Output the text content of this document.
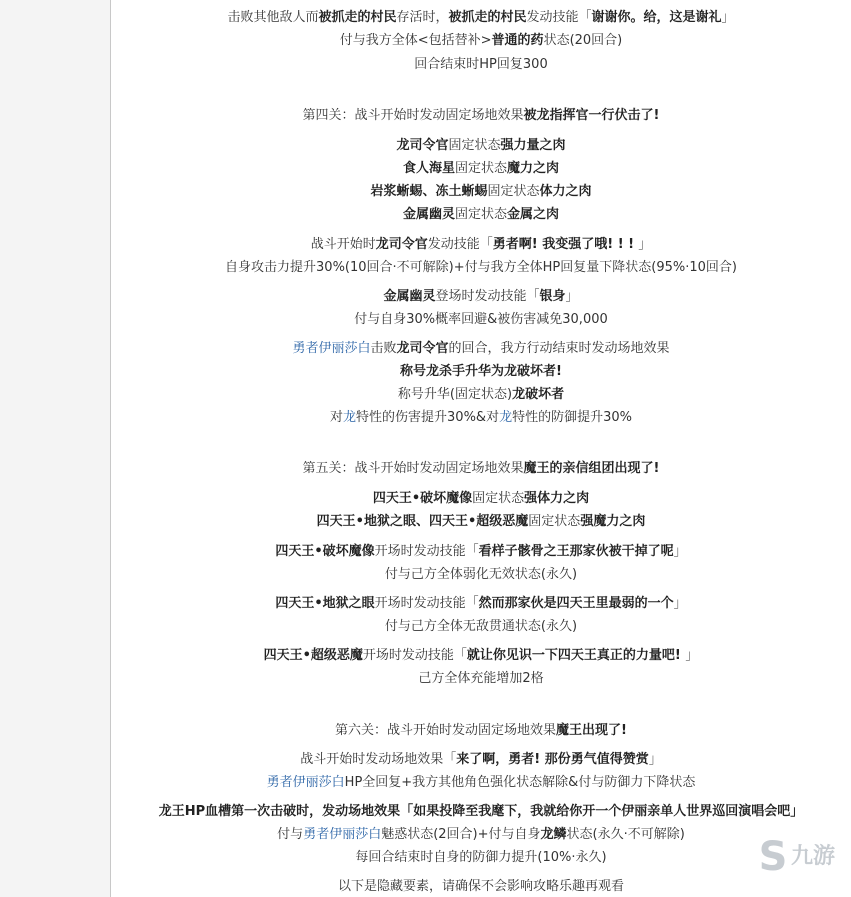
击败其他敌人而被抓走的村民存活时，被抓走的村民发动技能「谢谢你。给，这是谢礼」
付与我方全体<包括替补>普通的药状态(20回合)
回合结束时HP回复300
第四关：战斗开始时发动固定场地效果被龙指挥官一行伏击了!
龙司令官固定状态强力量之肉
食人海星固定状态魔力之肉
岩浆蜥蜴、冻土蜥蜴固定状态体力之肉
金属幽灵固定状态金属之肉
战斗开始时龙司令官发动技能「勇者啊! 我变强了哦! ! ! 」
自身攻击力提升30%(10回合·不可解除)+付与我方全体HP回复量下降状态(95%·10回合)
金属幽灵登场时发动技能「银身」
付与自身30%概率回避&被伤害减免30,000
勇者伊丽莎白击败龙司令官的回合，我方行动结束时发动场地效果
称号龙杀手升华为龙破坏者!
称号升华(固定状态)龙破坏者
对龙特性的伤害提升30%&对龙特性的防御提升30%
第五关：战斗开始时发动固定场地效果魔王的亲信组团出现了!
四天王•破坏魔像固定状态强体力之肉
四天王•地狱之眼、四天王•超级恶魔固定状态强魔力之肉
四天王•破坏魔像开场时发动技能「看样子骸骨之王那家伙被干掉了呢」
付与己方全体弱化无效状态(永久)
四天王•地狱之眼开场时发动技能「然而那家伙是四天王里最弱的一个」
付与己方全体无敌贯通状态(永久)
四天王•超级恶魔开场时发动技能「就让你见识一下四天王真正的力量吧! 」
己方全体充能增加2格
第六关：战斗开始时发动固定场地效果魔王出现了!
战斗开始时发动场地效果「来了啊，勇者! 那份勇气值得赞赏」
勇者伊丽莎白HP全回复+我方其他角色强化状态解除&付与防御力下降状态
龙王HP血槽第一次击破时，发动场地效果「如果投降至我麾下，我就给你开一个伊丽亲单人世界巡回演唱会吧」
付与勇者伊丽莎白魅惑状态(2回合)+付与自身龙鳞状态(永久·不可解除)
每回合结束时自身的防御力提升(10%·永久)
以下是隐藏要素，请确保不会影响攻略乐趣再观看
S 九游
